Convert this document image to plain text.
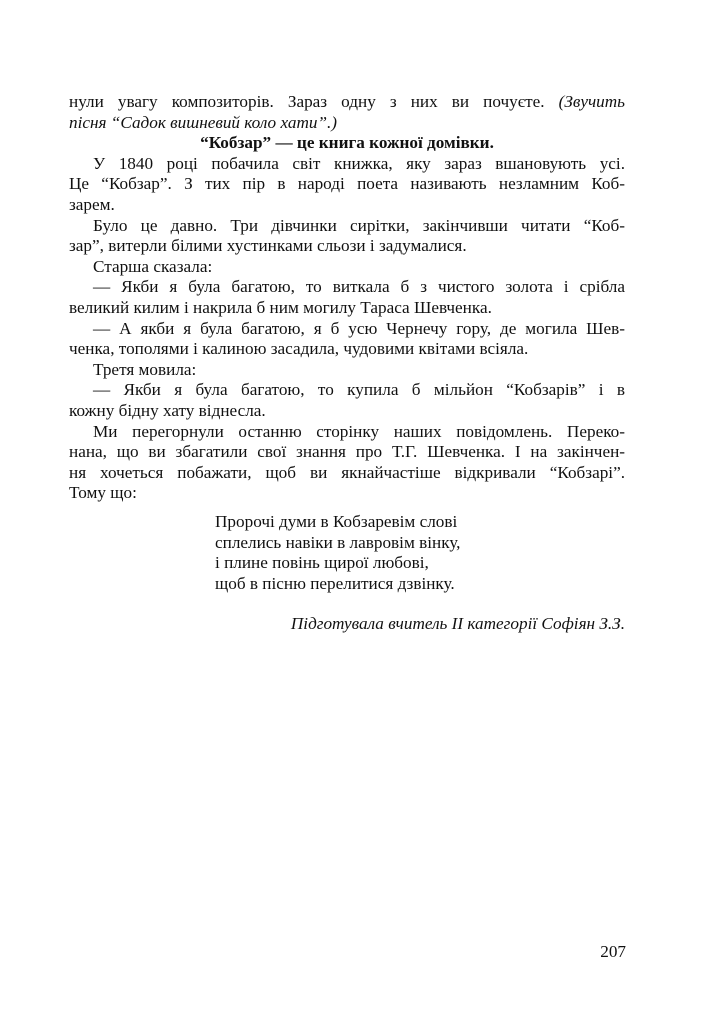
нули увагу композиторів. Зараз одну з них ви почуєте. (Звучить
пісня “Садок вишневий коло хати”.)
“Кобзар” — це книга кожної домівки.
У 1840 році побачила світ книжка, яку зараз вшановують усі.
Це “Кобзар”. З тих пір в народі поета називають незламним Коб-
зарем.
Було це давно. Три дівчинки сирітки, закінчивши читати “Коб-
зар”, витерли білими хустинками сльози і задумалися.
Старша сказала:
— Якби я була багатою, то виткала б з чистого золота і срібла
великий килим і накрила б ним могилу Тараса Шевченка.
— А якби я була багатою, я б усю Чернечу гору, де могила Шев-
ченка, тополями і калиною засадила, чудовими квітами всіяла.
Третя мовила:
— Якби я була багатою, то купила б мільйон “Кобзарів” і в
кожну бідну хату віднесла.
Ми перегорнули останню сторінку наших повідомлень. Переко-
нана, що ви збагатили свої знання про Т.Г. Шевченка. І на закінчен-
ня хочеться побажати, щоб ви якнайчастіше відкривали “Кобзарі”.
Тому що:
Пророчі думи в Кобзаревім слові
сплелись навіки в лавровім вінку,
і плине повінь щирої любові,
щоб в пісню перелитися дзвінку.
Підготувала вчитель ІІ категорії Софіян З.З.
207
